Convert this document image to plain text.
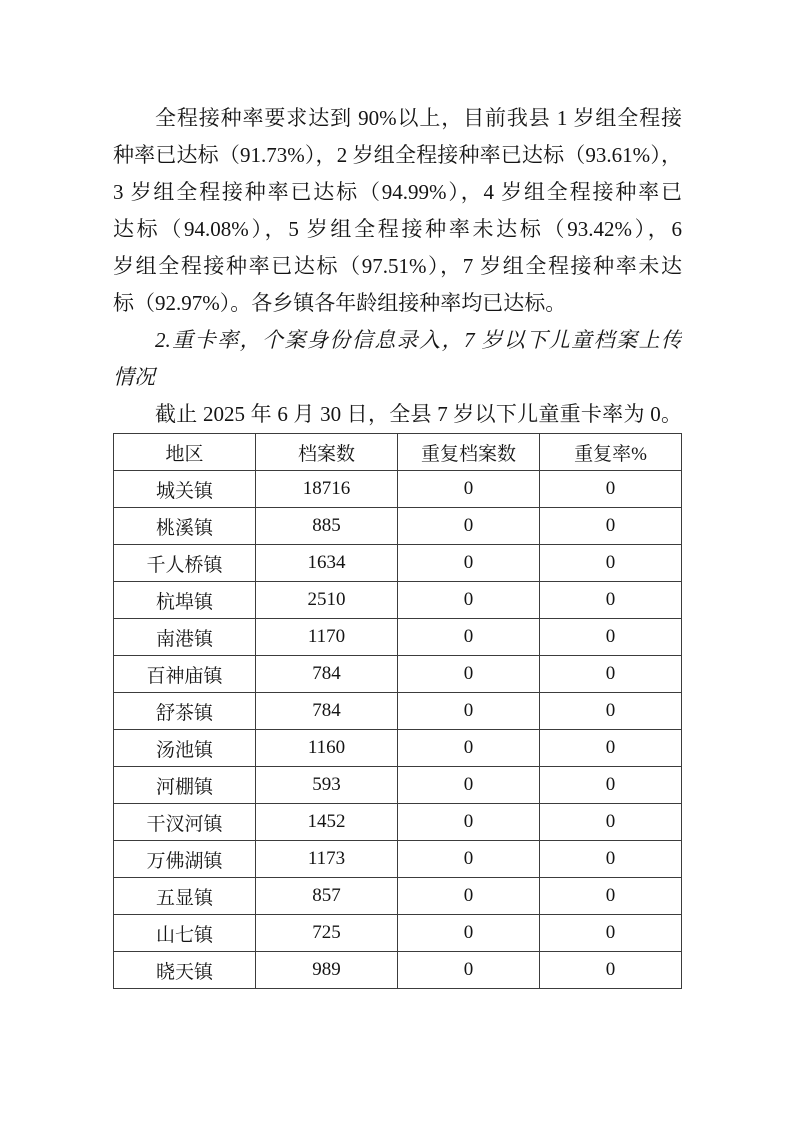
全程接种率要求达到 90%以上，目前我县 1 岁组全程接
种率已达标（91.73%），2 岁组全程接种率已达标（93.61%），
3 岁组全程接种率已达标（94.99%），4 岁组全程接种率已
达标（94.08%），5 岁组全程接种率未达标（93.42%），6
岁组全程接种率已达标（97.51%），7 岁组全程接种率未达
标（92.97%）。各乡镇各年龄组接种率均已达标。
2.重卡率，个案身份信息录入，7 岁以下儿童档案上传
情况
截止 2025 年 6 月 30 日，全县 7 岁以下儿童重卡率为 0。
地区	档案数	重复档案数	重复率%
城关镇	18716	0	0
桃溪镇	885	0	0
千人桥镇	1634	0	0
杭埠镇	2510	0	0
南港镇	1170	0	0
百神庙镇	784	0	0
舒茶镇	784	0	0
汤池镇	1160	0	0
河棚镇	593	0	0
干汊河镇	1452	0	0
万佛湖镇	1173	0	0
五显镇	857	0	0
山七镇	725	0	0
晓天镇	989	0	0
